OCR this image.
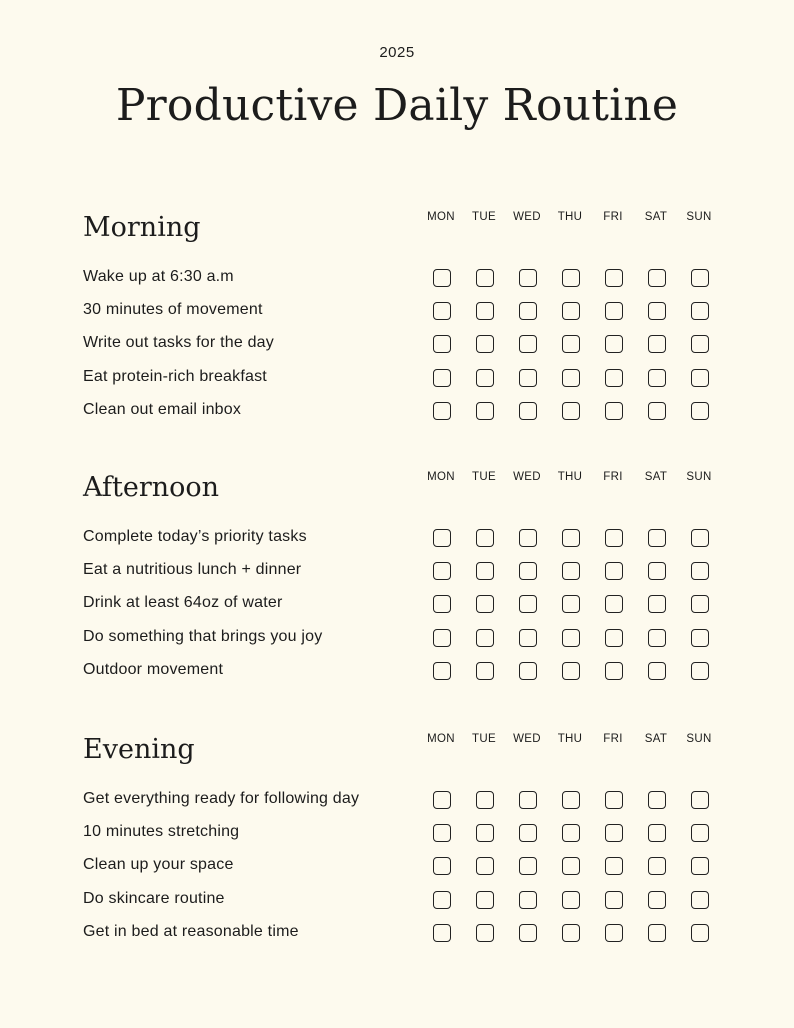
2025
Productive Daily Routine
Morning	MON	TUE	WED	THU	FRI	SAT	SUN
Wake up at 6:30 a.m
30 minutes of movement
Write out tasks for the day
Eat protein-rich breakfast
Clean out email inbox
Afternoon	MON	TUE	WED	THU	FRI	SAT	SUN
Complete today’s priority tasks
Eat a nutritious lunch + dinner
Drink at least 64oz of water
Do something that brings you joy
Outdoor movement
Evening	MON	TUE	WED	THU	FRI	SAT	SUN
Get everything ready for following day
10 minutes stretching
Clean up your space
Do skincare routine
Get in bed at reasonable time
